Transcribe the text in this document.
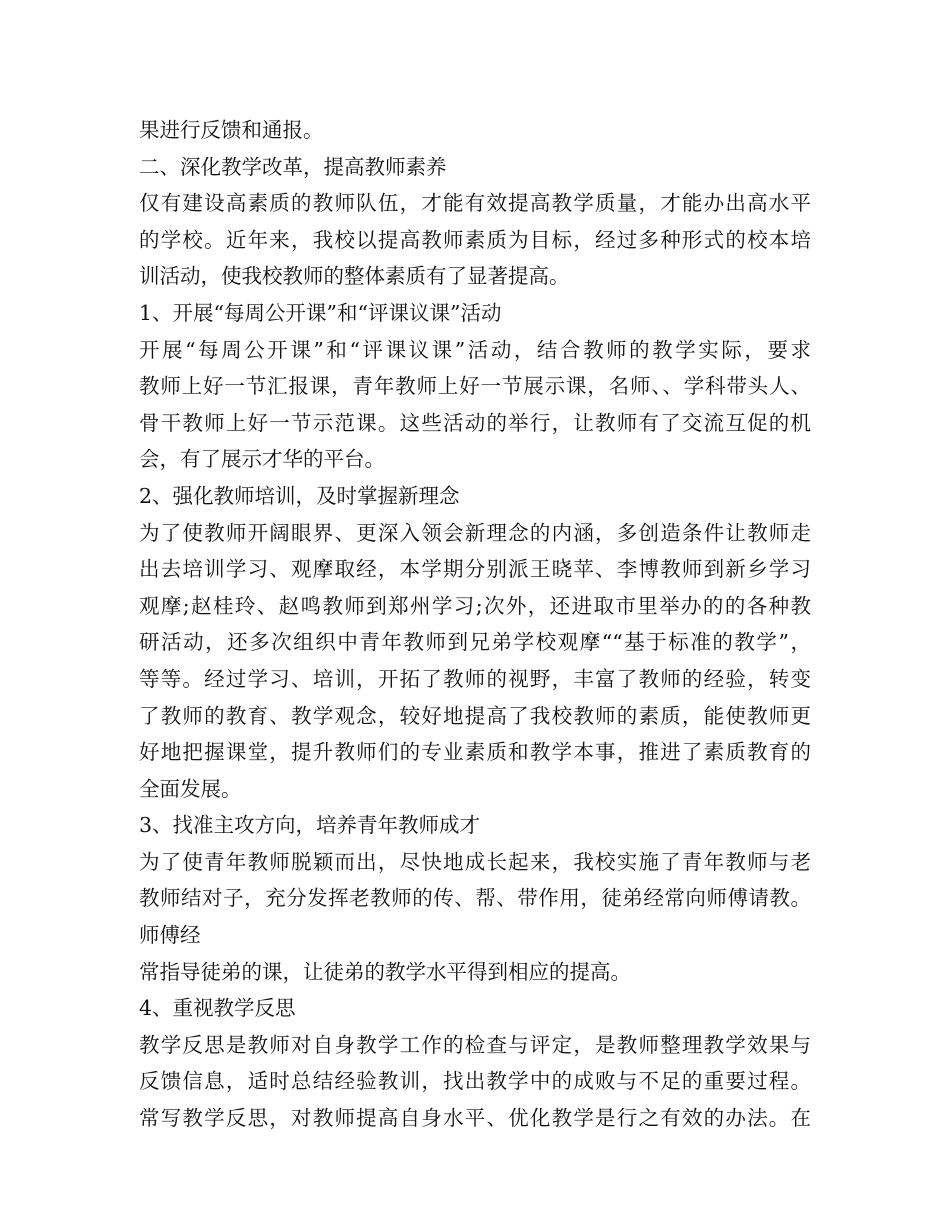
果进行反馈和通报。
二、深化教学改革，提高教师素养
仅有建设高素质的教师队伍，才能有效提高教学质量，才能办出高水平
的学校。近年来，我校以提高教师素质为目标，经过多种形式的校本培
训活动，使我校教师的整体素质有了显著提高。
1、开展“每周公开课”和“评课议课”活动
开展“每周公开课”和“评课议课”活动，结合教师的教学实际，要求
教师上好一节汇报课，青年教师上好一节展示课，名师、、学科带头人、
骨干教师上好一节示范课。这些活动的举行，让教师有了交流互促的机
会，有了展示才华的平台。
2、强化教师培训，及时掌握新理念
为了使教师开阔眼界、更深入领会新理念的内涵，多创造条件让教师走
出去培训学习、观摩取经，本学期分别派王晓苹、李博教师到新乡学习
观摩;赵桂玲、赵鸣教师到郑州学习;次外，还进取市里举办的的各种教
研活动，还多次组织中青年教师到兄弟学校观摩““基于标准的教学”，
等等。经过学习、培训，开拓了教师的视野，丰富了教师的经验，转变
了教师的教育、教学观念，较好地提高了我校教师的素质，能使教师更
好地把握课堂，提升教师们的专业素质和教学本事，推进了素质教育的
全面发展。
3、找准主攻方向，培养青年教师成才
为了使青年教师脱颖而出，尽快地成长起来，我校实施了青年教师与老
教师结对子，充分发挥老教师的传、帮、带作用，徒弟经常向师傅请教。
师傅经
常指导徒弟的课，让徒弟的教学水平得到相应的提高。
4、重视教学反思
教学反思是教师对自身教学工作的检查与评定，是教师整理教学效果与
反馈信息，适时总结经验教训，找出教学中的成败与不足的重要过程。
常写教学反思，对教师提高自身水平、优化教学是行之有效的办法。在
